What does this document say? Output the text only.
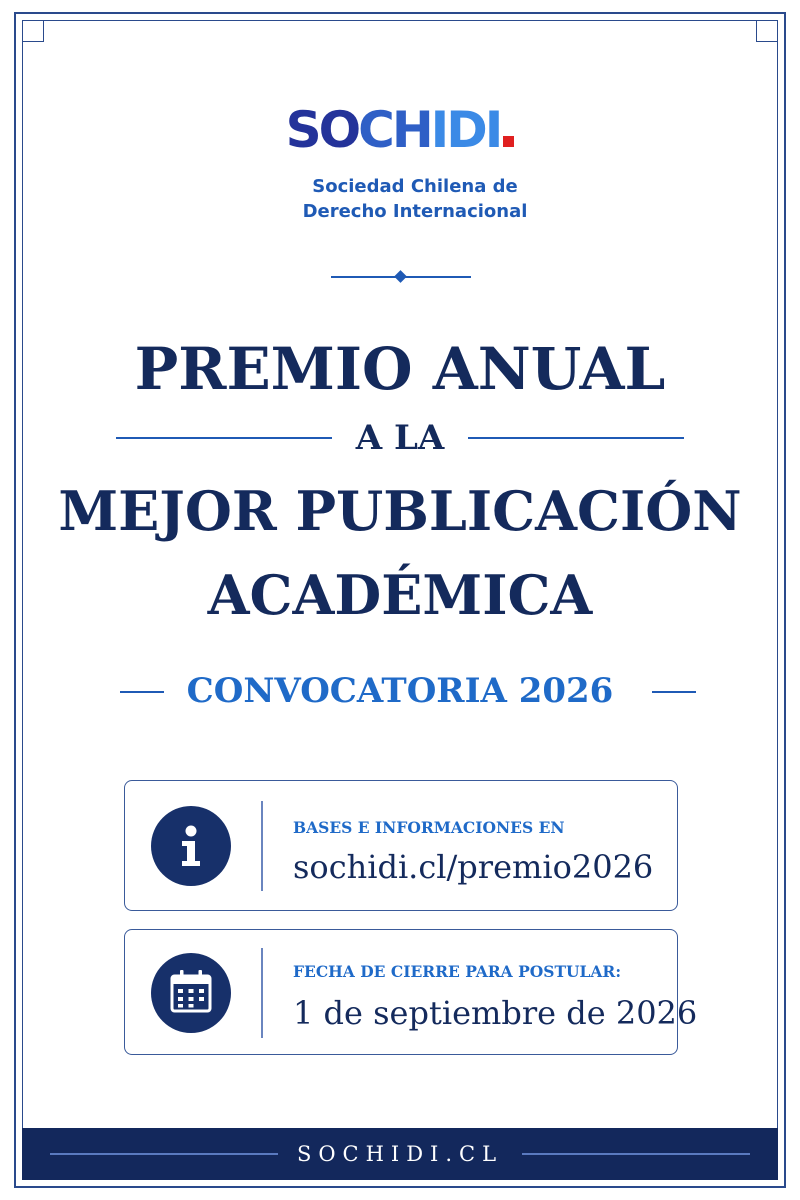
SOCHIDI
Sociedad Chilena de
Derecho Internacional
PREMIO ANUAL
A LA
MEJOR PUBLICACIÓN
ACADÉMICA
CONVOCATORIA 2026
BASES E INFORMACIONES EN
sochidi.cl/premio2026
FECHA DE CIERRE PARA POSTULAR:
1 de septiembre de 2026
SOCHIDI.CL
